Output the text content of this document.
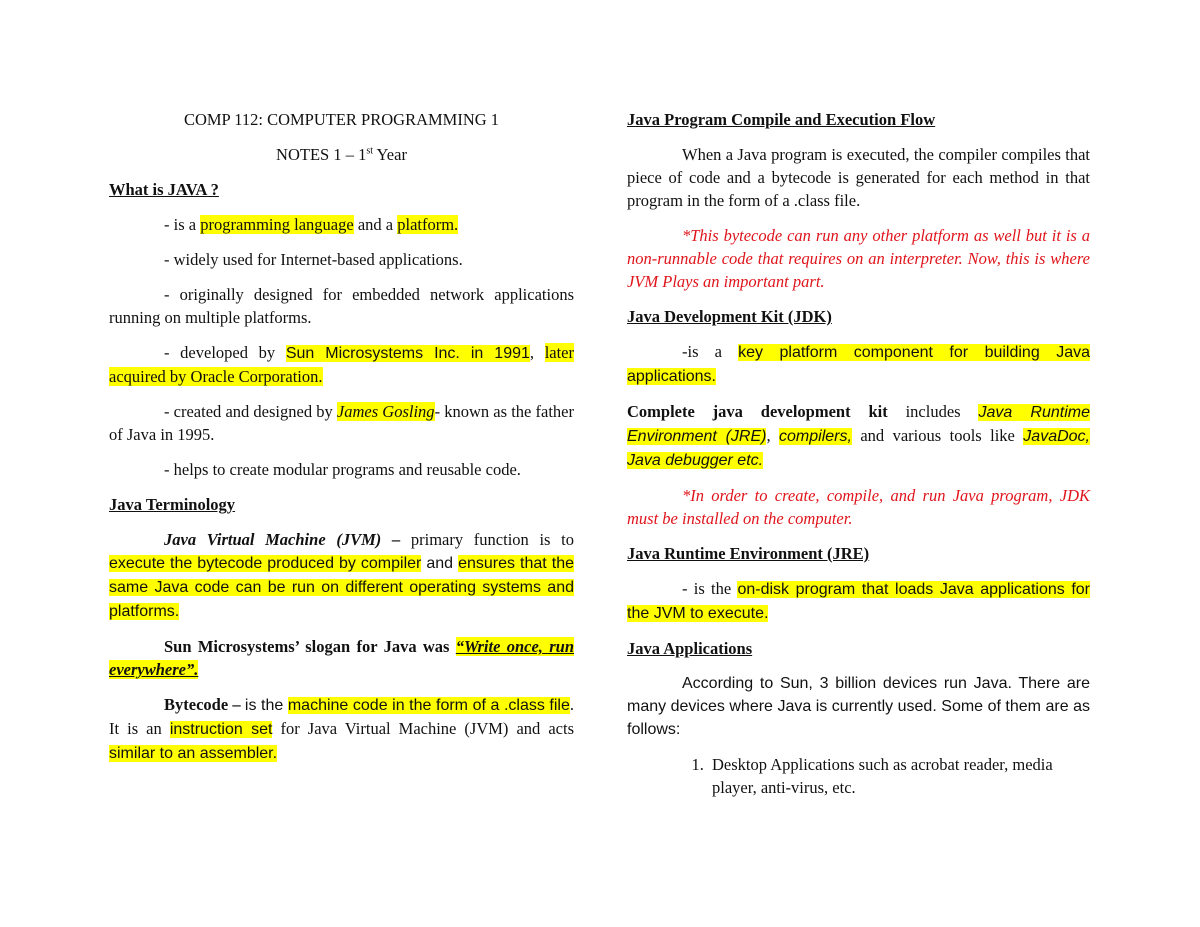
COMP 112: COMPUTER PROGRAMMING 1

NOTES 1 – 1st Year

What is JAVA ?

- is a programming language and a platform.

- widely used for Internet-based applications.

- originally designed for embedded network applications running on multiple platforms.

- developed by Sun Microsystems Inc. in 1991, later acquired by Oracle Corporation.

- created and designed by James Gosling- known as the father of Java in 1995.

- helps to create modular programs and reusable code.

Java Terminology

Java Virtual Machine (JVM) – primary function is to execute the bytecode produced by compiler and ensures that the same Java code can be run on different operating systems and platforms.

Sun Microsystems’ slogan for Java was “Write once, run everywhere”.

Bytecode – is the machine code in the form of a .class file. It is an instruction set for Java Virtual Machine (JVM) and acts similar to an assembler.

Java Program Compile and Execution Flow

When a Java program is executed, the compiler compiles that piece of code and a bytecode is generated for each method in that program in the form of a .class file.

*This bytecode can run any other platform as well but it is a non-runnable code that requires on an interpreter. Now, this is where JVM Plays an important part.

Java Development Kit (JDK)

-is a key platform component for building Java applications.

Complete java development kit includes Java Runtime Environment (JRE), compilers, and various tools like JavaDoc, Java debugger etc.

*In order to create, compile, and run Java program, JDK must be installed on the computer.

Java Runtime Environment (JRE)

- is the on-disk program that loads Java applications for the JVM to execute.

Java Applications

According to Sun, 3 billion devices run Java. There are many devices where Java is currently used. Some of them are as follows:

1. Desktop Applications such as acrobat reader, media player, anti-virus, etc.
